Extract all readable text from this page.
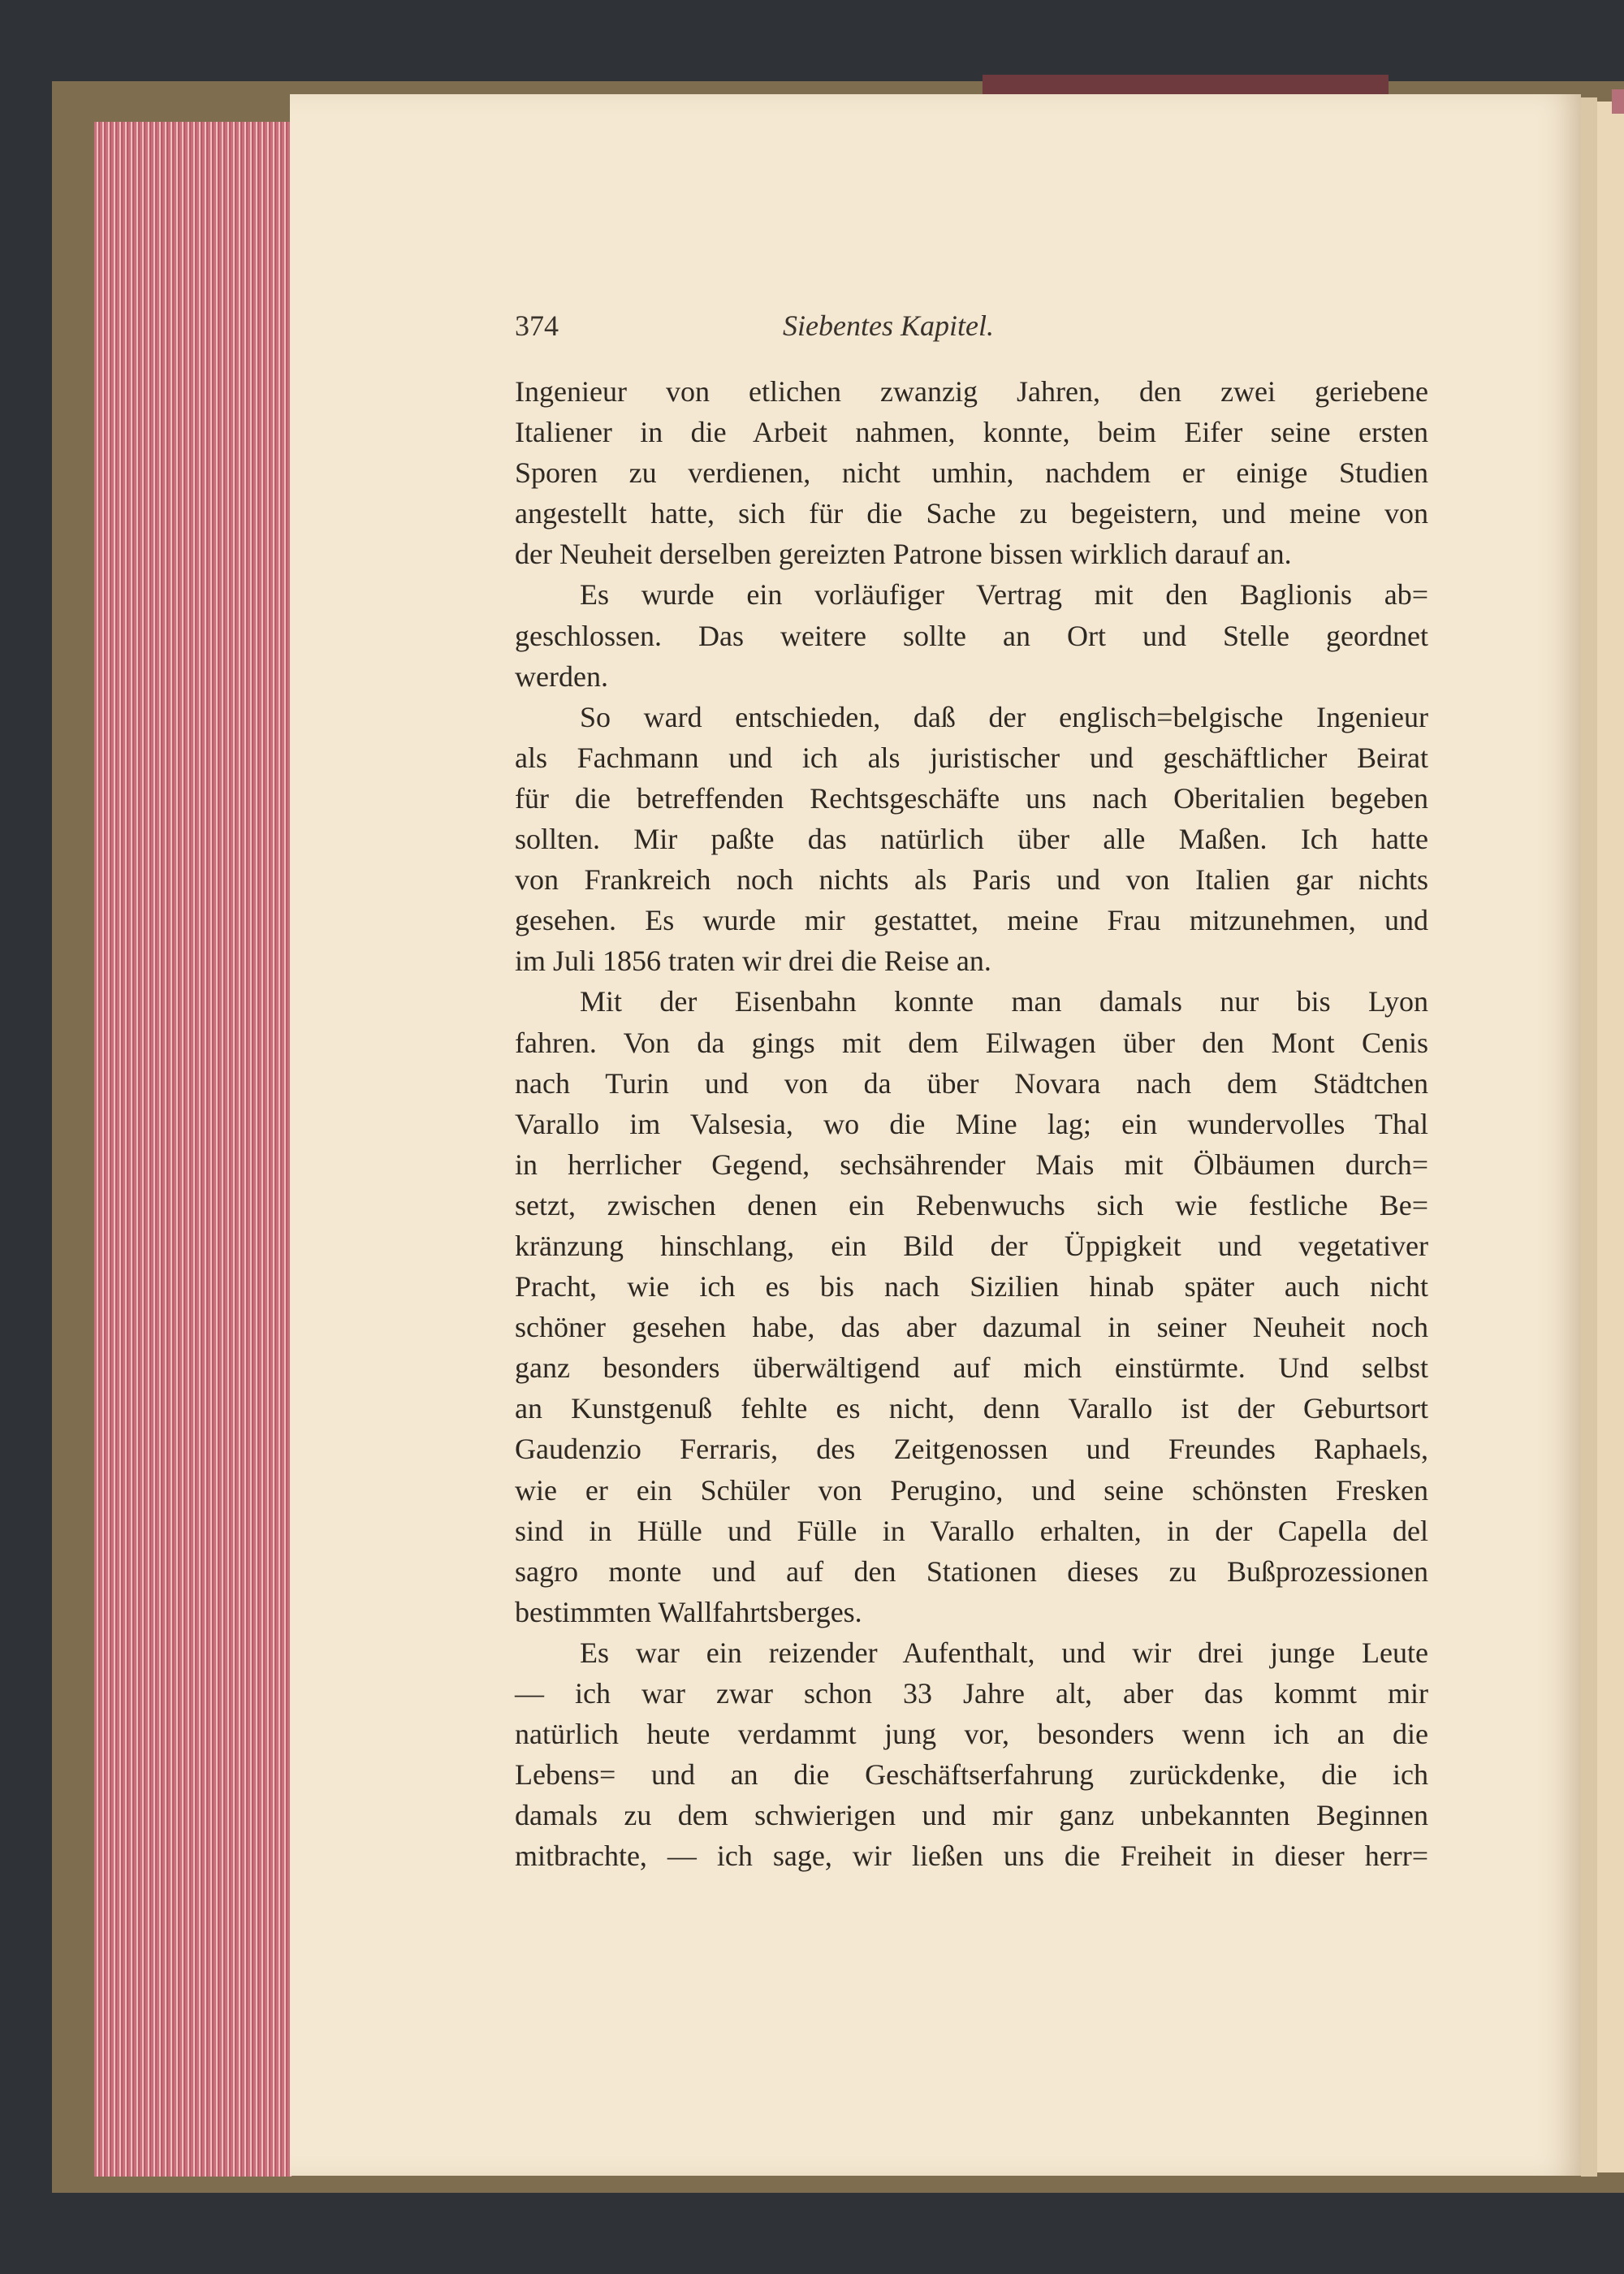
374	Siebentes Kapitel.
Ingenieur von etlichen zwanzig Jahren, den zwei geriebene
Italiener in die Arbeit nahmen, konnte, beim Eifer seine ersten
Sporen zu verdienen, nicht umhin, nachdem er einige Studien
angestellt hatte, sich für die Sache zu begeistern, und meine von
der Neuheit derselben gereizten Patrone bissen wirklich darauf an.
Es wurde ein vorläufiger Vertrag mit den Baglionis ab=
geschlossen. Das weitere sollte an Ort und Stelle geordnet
werden.
So ward entschieden, daß der englisch=belgische Ingenieur
als Fachmann und ich als juristischer und geschäftlicher Beirat
für die betreffenden Rechtsgeschäfte uns nach Oberitalien begeben
sollten. Mir paßte das natürlich über alle Maßen. Ich hatte
von Frankreich noch nichts als Paris und von Italien gar nichts
gesehen. Es wurde mir gestattet, meine Frau mitzunehmen, und
im Juli 1856 traten wir drei die Reise an.
Mit der Eisenbahn konnte man damals nur bis Lyon
fahren. Von da gings mit dem Eilwagen über den Mont Cenis
nach Turin und von da über Novara nach dem Städtchen
Varallo im Valsesia, wo die Mine lag; ein wundervolles Thal
in herrlicher Gegend, sechsährender Mais mit Ölbäumen durch=
setzt, zwischen denen ein Rebenwuchs sich wie festliche Be=
kränzung hinschlang, ein Bild der Üppigkeit und vegetativer
Pracht, wie ich es bis nach Sizilien hinab später auch nicht
schöner gesehen habe, das aber dazumal in seiner Neuheit noch
ganz besonders überwältigend auf mich einstürmte. Und selbst
an Kunstgenuß fehlte es nicht, denn Varallo ist der Geburtsort
Gaudenzio Ferraris, des Zeitgenossen und Freundes Raphaels,
wie er ein Schüler von Perugino, und seine schönsten Fresken
sind in Hülle und Fülle in Varallo erhalten, in der Capella del
sagro monte und auf den Stationen dieses zu Bußprozessionen
bestimmten Wallfahrtsberges.
Es war ein reizender Aufenthalt, und wir drei junge Leute
— ich war zwar schon 33 Jahre alt, aber das kommt mir
natürlich heute verdammt jung vor, besonders wenn ich an die
Lebens= und an die Geschäftserfahrung zurückdenke, die ich
damals zu dem schwierigen und mir ganz unbekannten Beginnen
mitbrachte, — ich sage, wir ließen uns die Freiheit in dieser herr=
